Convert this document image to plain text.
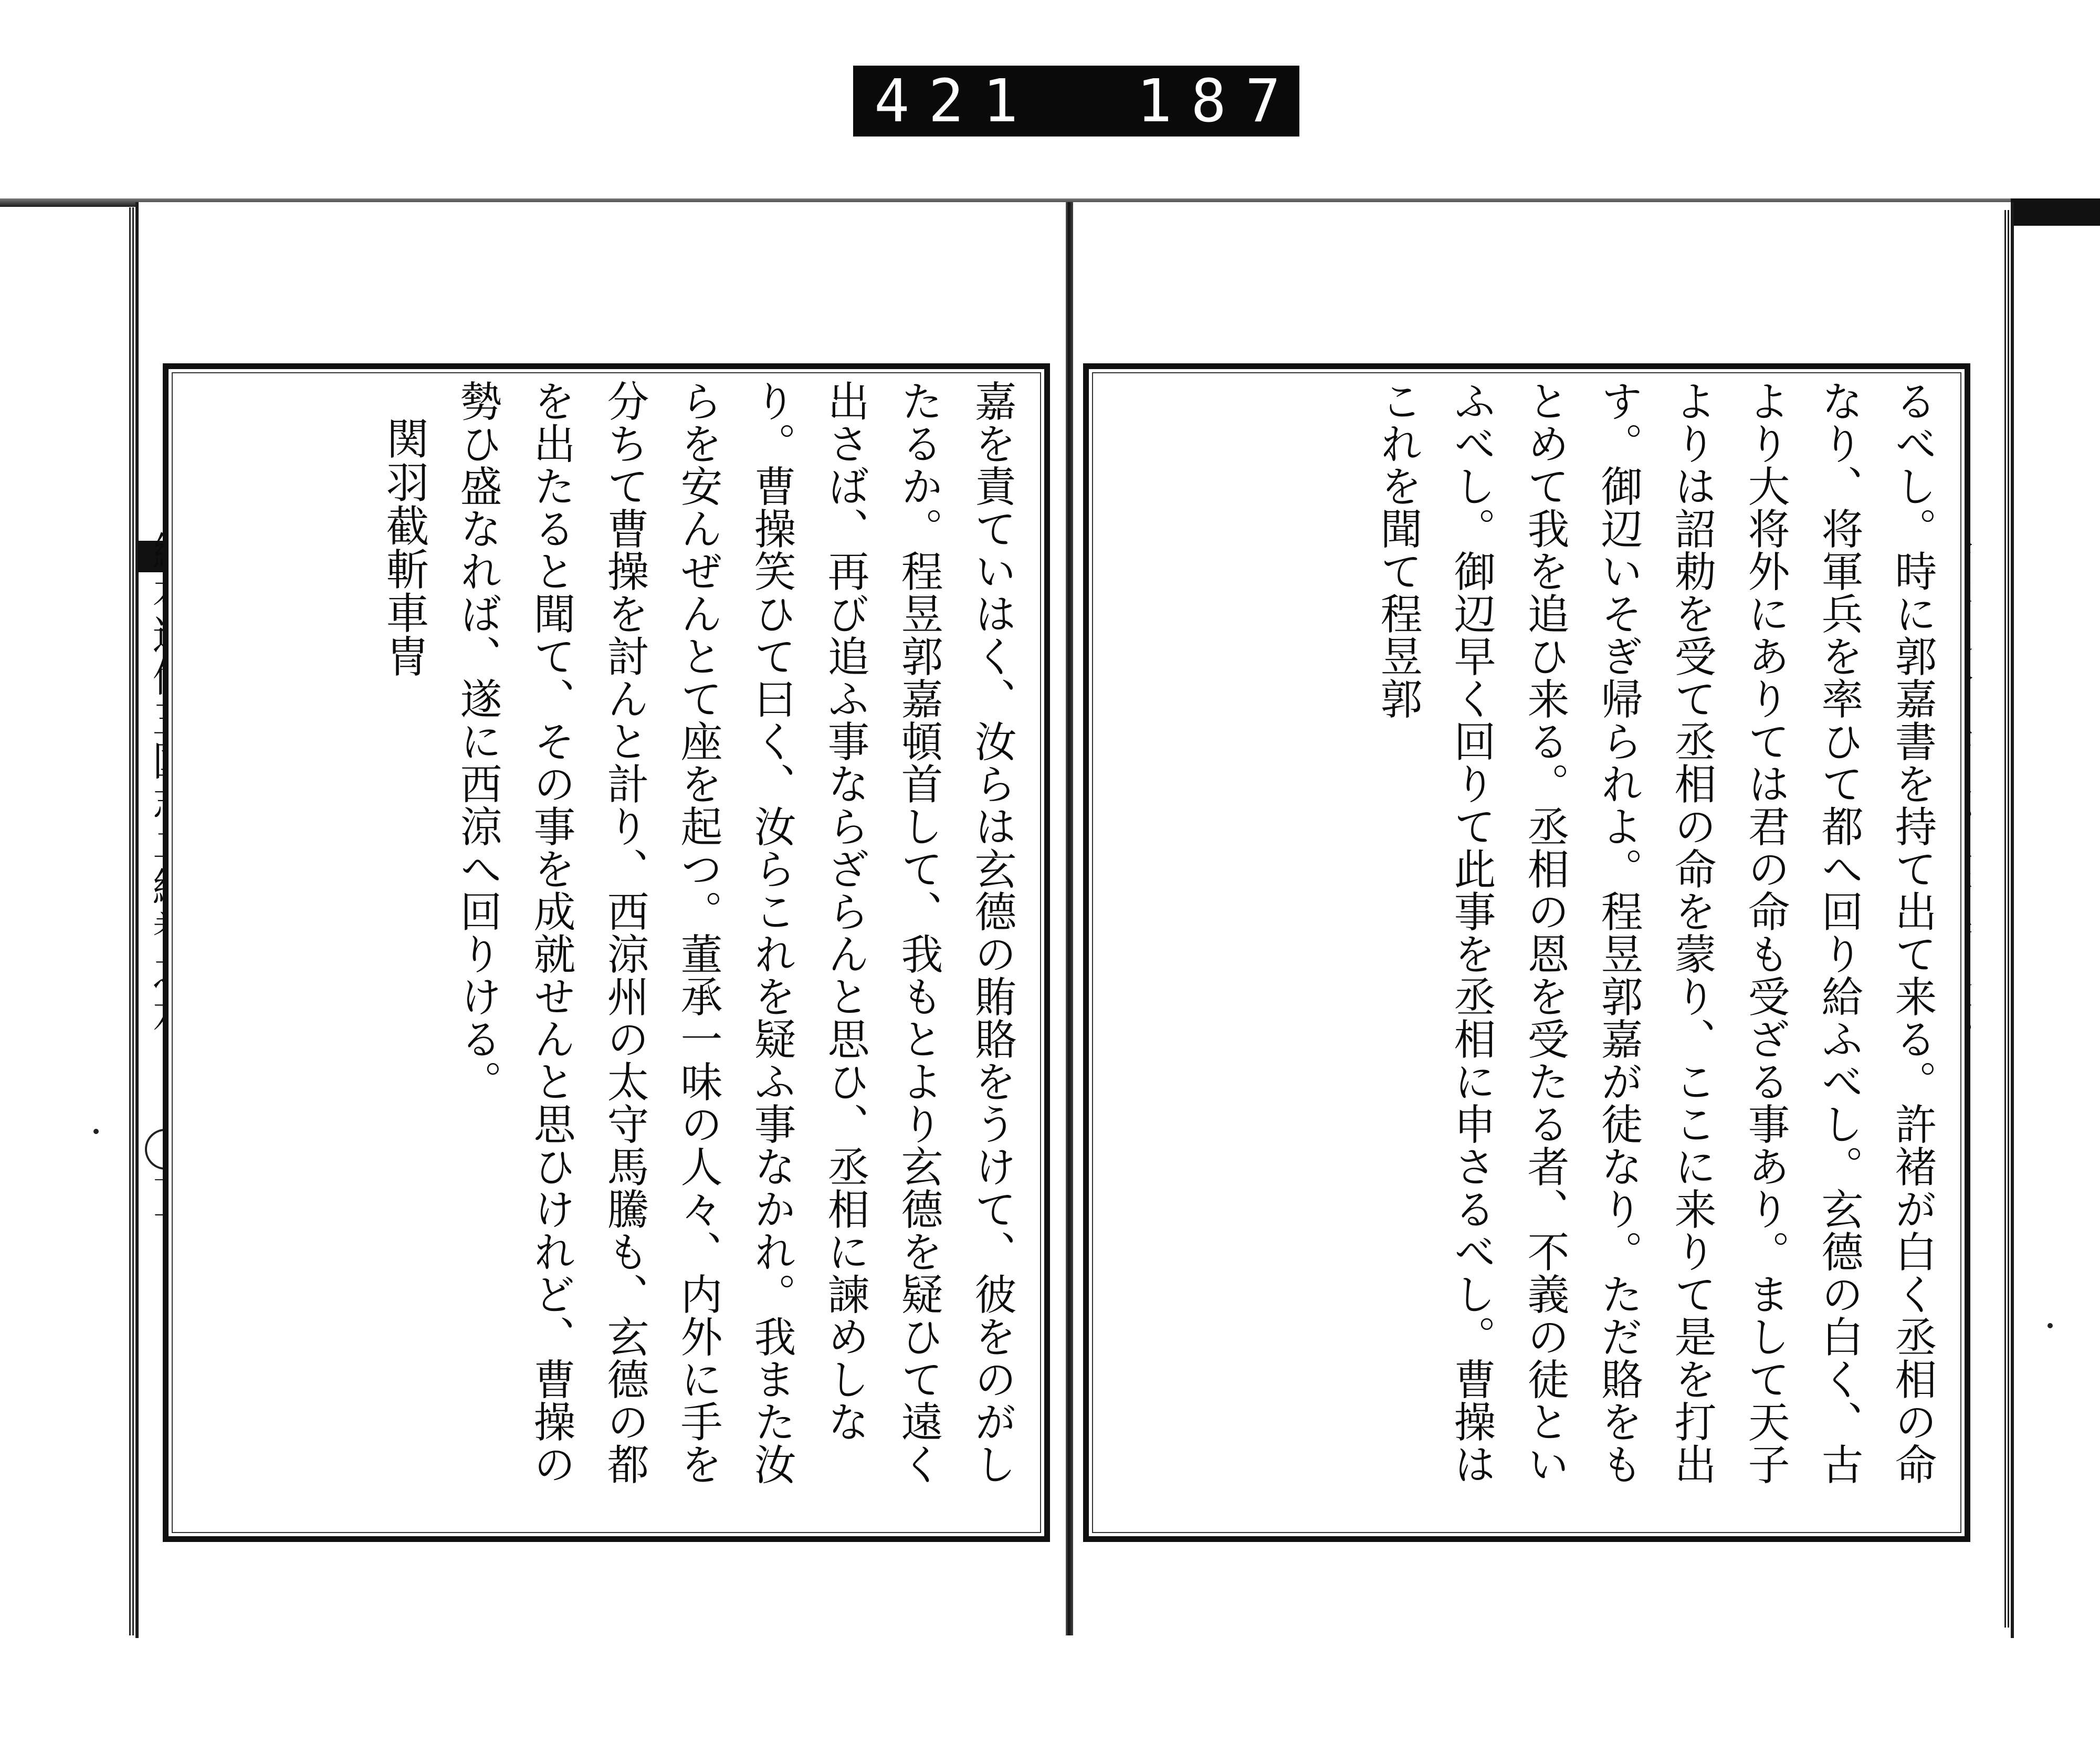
421 187.

嘉を責ていはく、汝らは玄德の賄賂をうけて、彼をのがしたるか。程昱郭嘉頓首して、我もとより玄德を疑ひて遠く出さば、再び追ふ事ならざらんと思ひ、丞相に諫めしなり。曹操笑ひて曰く、汝らこれを疑ふ事なかれ。我また汝らを安んぜんとて座を起つ。董承一味の人々、内外に手を分ちて曹操を討んと計り、西涼州の太守馬騰も、玄德の都を出たると聞て、その事を成就せんと思ひけれど、曹操の勢ひ盛なれば、遂に西涼へ回りける。

関羽截斬車冑	るべし。時に郭嘉書を持て出て来る。許褚が白く丞相の命なり、将軍兵を率ひて都へ回り給ふべし。玄德の白く、古より大将外にありては君の命も受ざる事あり。まして天子よりは詔勅を受て丞相の命を蒙り、ここに来りて是を打出す。御辺いそぎ帰られよ。程昱郭嘉が徒なり。ただ賂をもとめて我を追ひ来る。丞相の恩を受たる者、不義の徒といふべし。御辺早く回りて此事を丞相に申さるべし。曹操はこれを聞て程昱郭
